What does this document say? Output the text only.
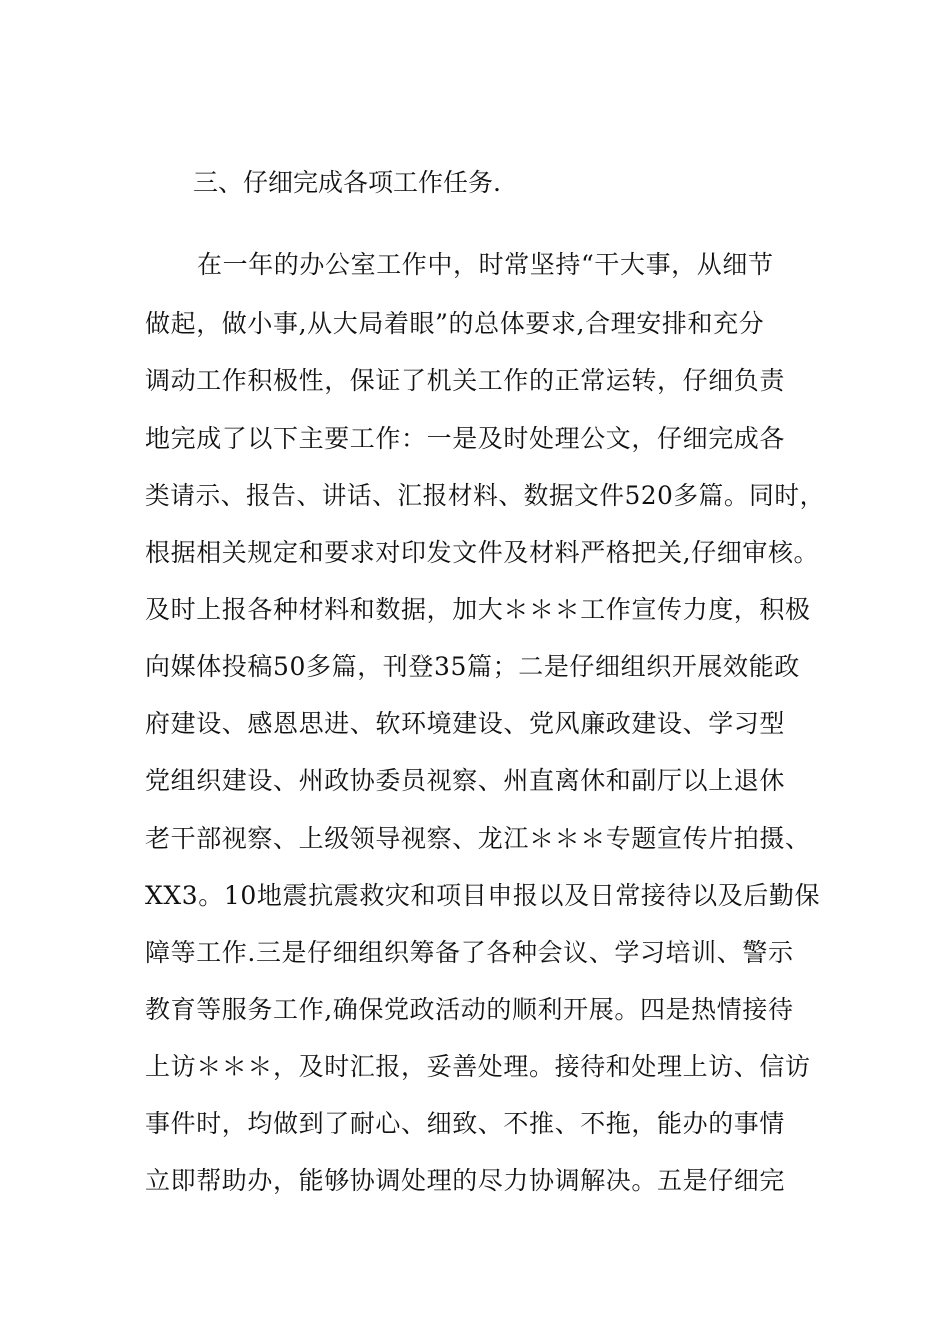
三、仔细完成各项工作任务.
在一年的办公室工作中，时常坚持“干大事，从细节
做起，做小事,从大局着眼”的总体要求,合理安排和充分
调动工作积极性，保证了机关工作的正常运转，仔细负责
地完成了以下主要工作：一是及时处理公文，仔细完成各
类请示、报告、讲话、汇报材料、数据文件520多篇。同时，
根据相关规定和要求对印发文件及材料严格把关,仔细审核。
及时上报各种材料和数据，加大＊＊＊工作宣传力度，积极
向媒体投稿50多篇，刊登35篇；二是仔细组织开展效能政
府建设、感恩思进、软环境建设、党风廉政建设、学习型
党组织建设、州政协委员视察、州直离休和副厅以上退休
老干部视察、上级领导视察、龙江＊＊＊专题宣传片拍摄、
XX3。10地震抗震救灾和项目申报以及日常接待以及后勤保
障等工作.三是仔细组织筹备了各种会议、学习培训、警示
教育等服务工作,确保党政活动的顺利开展。四是热情接待
上访＊＊＊，及时汇报，妥善处理。接待和处理上访、信访
事件时，均做到了耐心、细致、不推、不拖，能办的事情
立即帮助办，能够协调处理的尽力协调解决。五是仔细完
